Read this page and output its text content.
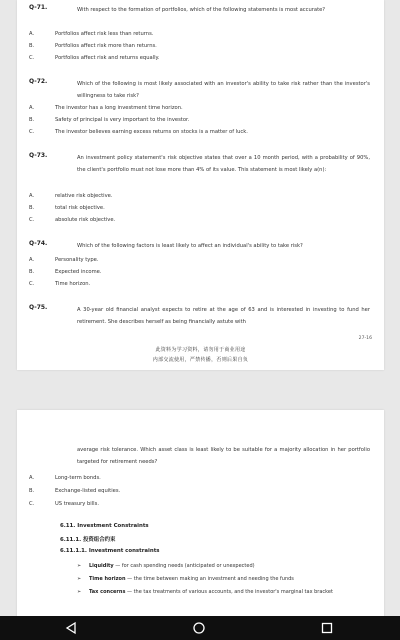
Q-71.	With respect to the formation of portfolios, which of the following statements is most accurate?
A.	Portfolios affect risk less than returns.
B.	Portfolios affect risk more than returns.
C.	Portfolios affect risk and returns equally.
Q-72.	Which of the following is most likely associated with an investor's ability to take risk rather than the investor's willingness to take risk?
A.	The investor has a long investment time horizon.
B.	Safety of principal is very important to the investor.
C.	The investor believes earning excess returns on stocks is a matter of luck.
Q-73.	An investment policy statement's risk objective states that over a 10 month period, with a probability of 90%, the client's portfolio must not lose more than 4% of its value. This statement is most likely a(n):
A.	relative risk objective.
B.	total risk objective.
C.	absolute risk objective.
Q-74.	Which of the following factors is least likely to affect an individual's ability to take risk?
A.	Personality type.
B.	Expected income.
C.	Time horizon.
Q-75.	A 30-year old financial analyst expects to retire at the age of 63 and is interested in investing to fund her retirement. She describes herself as being financially astute with
27-16
此资料为学习资料，请勿用于商业用途
内部交流使用，严禁传播，否则后果自负
average risk tolerance. Which asset class is least likely to be suitable for a majority allocation in her portfolio targeted for retirement needs?
A.	Long-term bonds.
B.	Exchange-listed equities.
C.	US treasury bills.
6.11. Investment Constraints
6.11.1. 投资组合约束
6.11.1.1. Investment constraints
➢ Liquidity — for cash spending needs (anticipated or unexpected)
➢ Time horizon — the time between making an investment and needing the funds
➢ Tax concerns — the tax treatments of various accounts, and the investor's marginal tax bracket
